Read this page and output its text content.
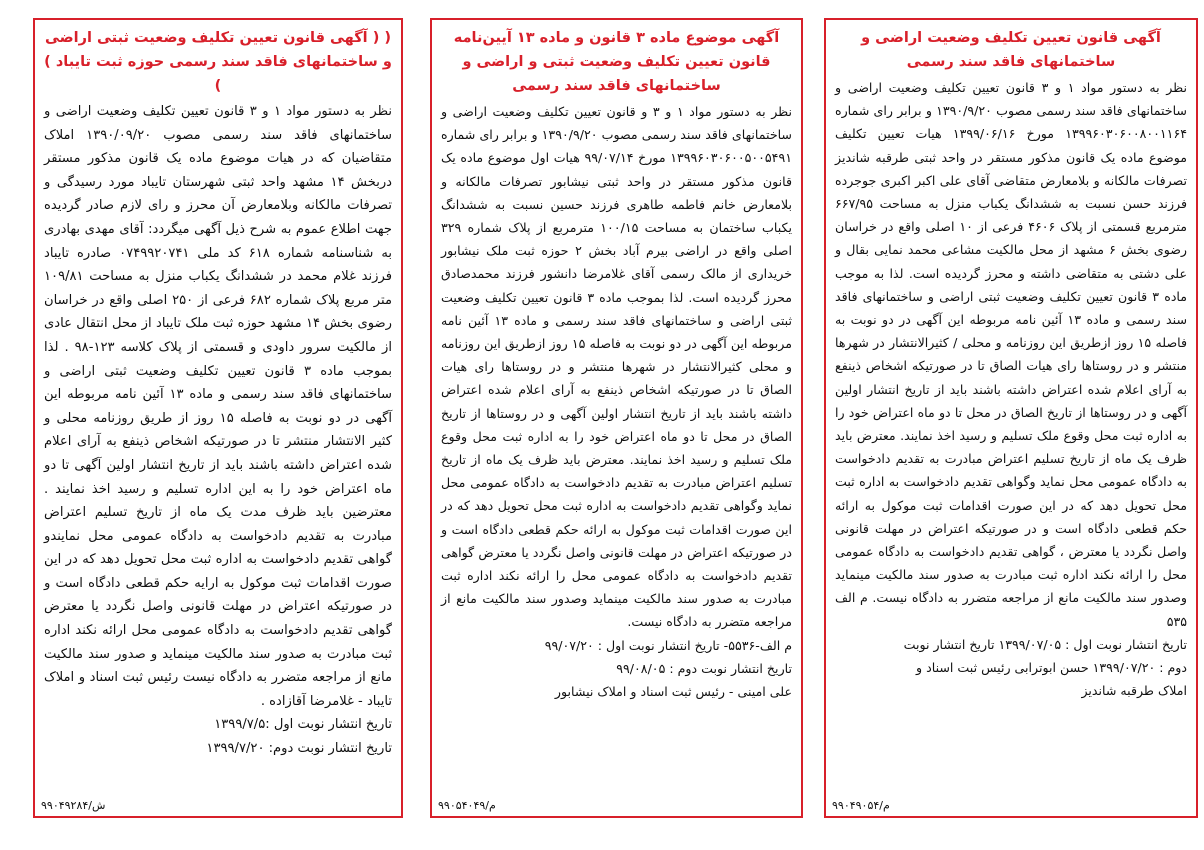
آگهی قانون تعیین تکلیف وضعیت اراضی و ساختمانهای فاقد سند رسمی

نظر به دستور مواد ۱ و ۳ قانون تعیین تکلیف وضعیت اراضی و ساختمانهای فاقد سند رسمی مصوب ۱۳۹۰/۹/۲۰ و برابر رای شماره ۱۳۹۹۶۰۳۰۶۰۰۸۰۰۱۱۶۴ مورخ ۱۳۹۹/۰۶/۱۶ هیات تعیین تکلیف موضوع ماده یک قانون مذکور مستقر در واحد ثبتی طرقبه شاندیز تصرفات مالکانه و بلامعارض متقاضی آقای علی اکبر اکبری جوجرده فرزند حسن نسبت به ششدانگ یکباب منزل به مساحت ۶۶۷/۹۵ مترمربع قسمتی از پلاک ۴۶۰۶ فرعی از ۱۰ اصلی واقع در خراسان رضوی بخش ۶ مشهد از محل مالکیت مشاعی محمد نمایی بقال و علی دشتی به متقاضی داشته و محرز گردیده است. لذا به موجب ماده ۳ قانون تعیین تکلیف وضعیت ثبتی اراضی و ساختمانهای فاقد سند رسمی و ماده ۱۳ آئین نامه مربوطه این آگهی در دو نوبت به فاصله ۱۵ روز ازطریق این روزنامه و محلی / کثیرالانتشار در شهرها منتشر و در روستاها رای هیات الصاق تا در صورتیکه اشخاص ذینفع به آرای اعلام شده اعتراض داشته باشند باید از تاریخ انتشار اولین آگهی و در روستاها از تاریخ الصاق در محل تا دو ماه اعتراض خود را به اداره ثبت محل وقوع ملک تسلیم و رسید اخذ نمایند. معترض باید ظرف یک ماه از تاریخ تسلیم اعتراض مبادرت به تقدیم دادخواست به دادگاه عمومی محل نماید وگواهی تقدیم دادخواست به اداره ثبت محل تحویل دهد که در این صورت اقدامات ثبت موکول به ارائه حکم قطعی دادگاه است و در صورتیکه اعتراض در مهلت قانونی واصل نگردد یا معترض ، گواهی تقدیم دادخواست به دادگاه عمومی محل را ارائه نکند اداره ثبت مبادرت به صدور سند مالکیت مینماید وصدور سند مالکیت مانع از مراجعه متضرر به دادگاه نیست. م الف ۵۳۵

تاریخ انتشار نوبت اول : ۱۳۹۹/۰۷/۰۵ تاریخ انتشار نوبت
دوم : ۱۳۹۹/۰۷/۲۰ حسن ابوترابی رئیس ثبت اسناد و
املاک طرقبه شاندیز
م/۹۹۰۴۹۰۵۴
آگهی موضوع ماده ۳ قانون و ماده ۱۳ آیین‌نامه قانون تعیین تکلیف وضعیت ثبتی و اراضی و ساختمانهای فاقد سند رسمی

نظر به دستور مواد ۱ و ۳ و قانون تعیین تکلیف وضعیت اراضی و ساختمانهای فاقد سند رسمی مصوب ۱۳۹۰/۹/۲۰ و برابر رای شماره ۱۳۹۹۶۰۳۰۶۰۰۵۰۰۵۴۹۱ مورخ ۹۹/۰۷/۱۴ هیات اول موضوع ماده یک قانون مذکور مستقر در واحد ثبتی نیشابور تصرفات مالکانه و بلامعارض خانم فاطمه طاهری فرزند حسین نسبت به ششدانگ یکباب ساختمان به مساحت ۱۰۰/۱۵ مترمربع از پلاک شماره ۳۲۹ اصلی واقع در اراضی بیرم آباد بخش ۲ حوزه ثبت ملک نیشابور خریداری از مالک رسمی آقای غلامرضا دانشور فرزند محمدصادق محرز گردیده است. لذا بموجب ماده ۳ قانون تعیین تکلیف وضعیت ثبتی اراضی و ساختمانهای فاقد سند رسمی و ماده ۱۳ آئین نامه مربوطه این آگهی در دو نوبت به فاصله ۱۵ روز ازطریق این روزنامه و محلی کثیرالانتشار در شهرها منتشر و در روستاها رای هیات الصاق تا در صورتیکه اشخاص ذینفع به آرای اعلام شده اعتراض داشته باشند باید از تاریخ انتشار اولین آگهی و در روستاها از تاریخ الصاق در محل تا دو ماه اعتراض خود را به اداره ثبت محل وقوع ملک تسلیم و رسید اخذ نمایند. معترض باید ظرف یک ماه از تاریخ تسلیم اعتراض مبادرت به تقدیم دادخواست به دادگاه عمومی محل نماید وگواهی تقدیم دادخواست به اداره ثبت محل تحویل دهد که در این صورت اقدامات ثبت موکول به ارائه حکم قطعی دادگاه است و در صورتیکه اعتراض در مهلت قانونی واصل نگردد یا معترض گواهی تقدیم دادخواست به دادگاه عمومی محل را ارائه نکند اداره ثبت مبادرت به صدور سند مالکیت مینماید وصدور سند مالکیت مانع از مراجعه متضرر به دادگاه نیست.

م الف-۵۵۳۶- تاریخ انتشار نوبت اول : ۹۹/۰۷/۲۰
تاریخ انتشار نوبت دوم : ۹۹/۰۸/۰۵
علی امینی - رئیس ثبت اسناد و املاک نیشابور
م/۹۹۰۵۴۰۴۹
( ( آگهی قانون تعیین تکلیف وضعیت ثبتی اراضی و ساختمانهای فاقد سند رسمی حوزه ثبت تایباد ) )

نظر به دستور مواد ۱ و ۳ قانون تعیین تکلیف وضعیت اراضی و ساختمانهای فاقد سند رسمی مصوب ۱۳۹۰/۰۹/۲۰ املاک متقاضیان که در هیات موضوع ماده یک قانون مذکور مستقر دربخش ۱۴ مشهد واحد ثبتی شهرستان تایباد مورد رسیدگی و تصرفات مالکانه وبلامعارض آن محرز و رای لازم صادر گردیده جهت اطلاع عموم به شرح ذیل آگهی میگردد: آقای مهدی بهادری به شناسنامه شماره ۶۱۸ کد ملی ۰۷۴۹۹۲۰۷۴۱ صادره تایباد فرزند غلام محمد در ششدانگ یکباب منزل به مساحت ۱۰۹/۸۱ متر مربع پلاک شماره ۶۸۲ فرعی از ۲۵۰ اصلی واقع در خراسان رضوی بخش ۱۴ مشهد حوزه ثبت ملک تایباد از محل انتقال عادی از مالکیت سرور داودی و قسمتی از پلاک کلاسه ۱۲۳-۹۸ . لذا بموجب ماده ۳ قانون تعیین تکلیف وضعیت ثبتی اراضی و ساختمانهای فاقد سند رسمی و ماده ۱۳ آئین نامه مربوطه این آگهی در دو نوبت به فاصله ۱۵ روز از طریق روزنامه محلی و کثیر الانتشار منتشر تا در صورتیکه اشخاص ذینفع به آرای اعلام شده اعتراض داشته باشند باید از تاریخ انتشار اولین آگهی تا دو ماه اعتراض خود را به این اداره تسلیم و رسید اخذ نمایند . معترضین باید ظرف مدت یک ماه از تاریخ تسلیم اعتراض مبادرت به تقدیم دادخواست به دادگاه عمومی محل نمایندو گواهی تقدیم دادخواست به اداره ثبت محل تحویل دهد که در این صورت اقدامات ثبت موکول به ارایه حکم قطعی دادگاه است و در صورتیکه اعتراض در مهلت قانونی واصل نگردد یا معترض گواهی تقدیم دادخواست به دادگاه عمومی محل ارائه نکند اداره ثبت مبادرت به صدور سند مالکیت مینماید و صدور سند مالکیت مانع از مراجعه متضرر به دادگاه نیست رئیس ثبت اسناد و املاک تایباد - غلامرضا آقازاده .

تاریخ انتشار نوبت اول :۱۳۹۹/۷/۵
تاریخ انتشار نوبت دوم: ۱۳۹۹/۷/۲۰
ش/۹۹۰۴۹۲۸۴
